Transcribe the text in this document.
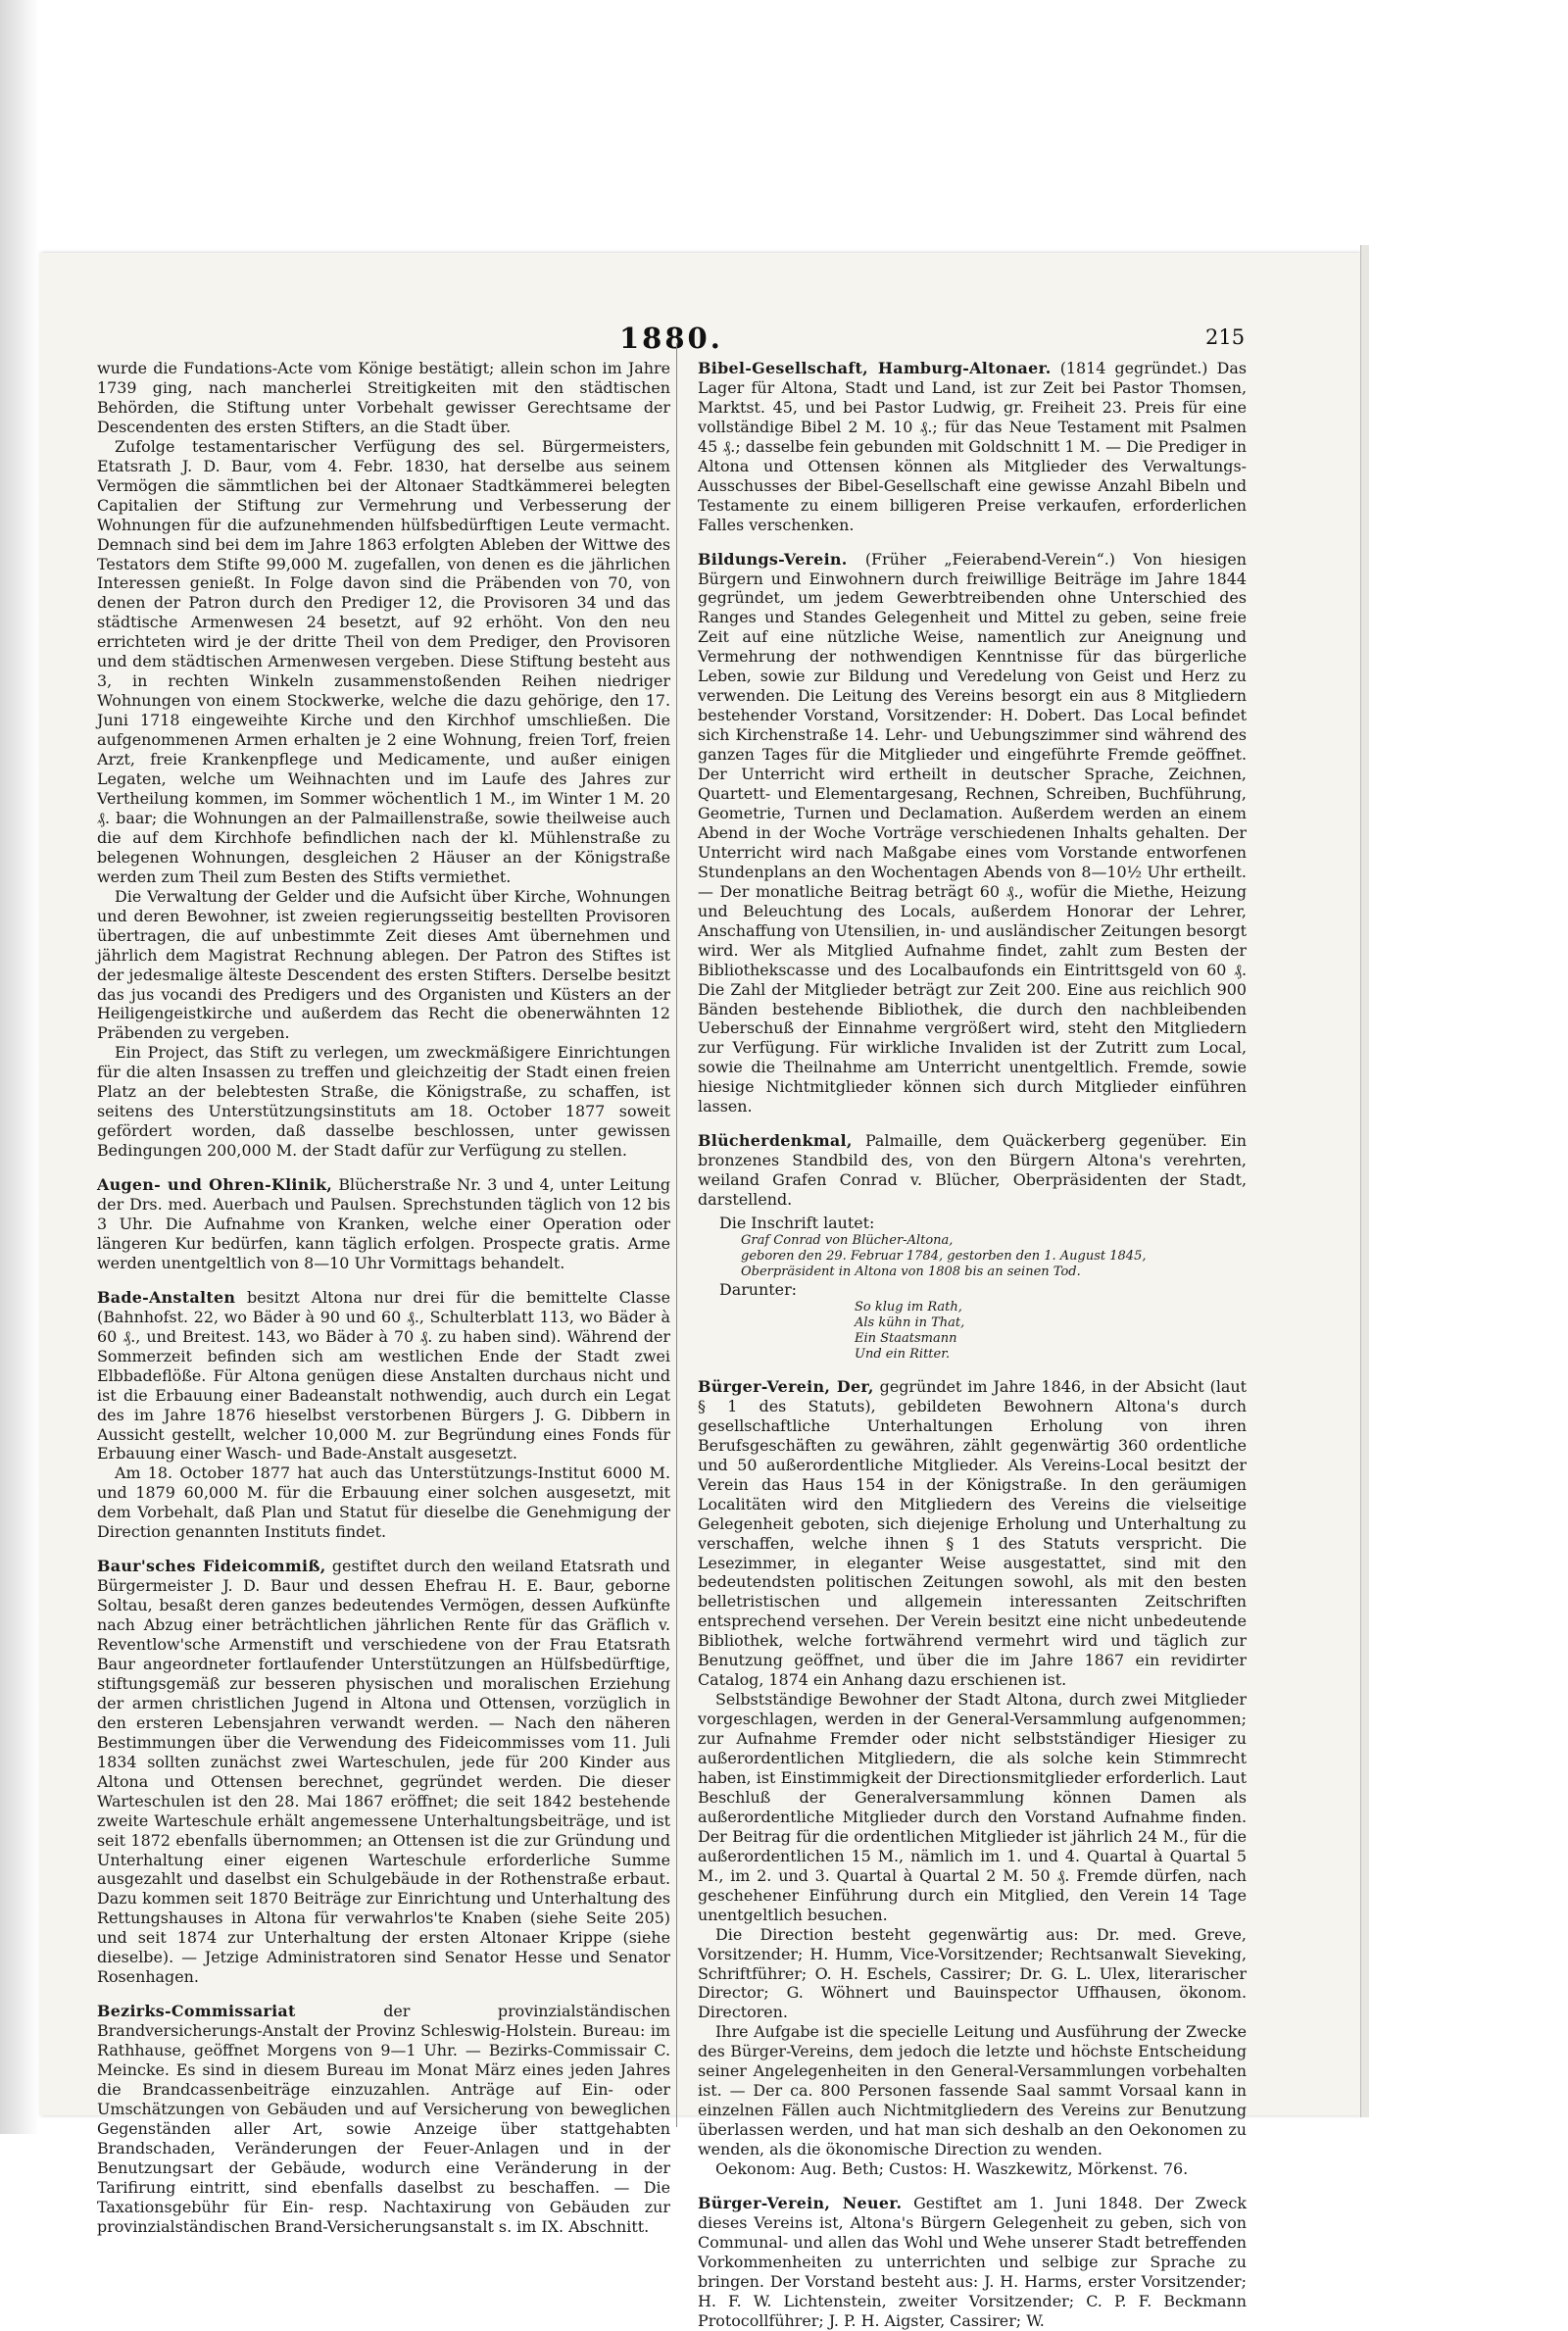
1880.	215

wurde die Fundations-Acte vom Könige bestätigt; allein schon im Jahre 1739 ging, nach mancherlei Streitigkeiten mit den städtischen Behörden, die Stiftung unter Vorbehalt gewisser Gerechtsame der Descendenten des ersten Stifters, an die Stadt über.

Zufolge testamentarischer Verfügung des sel. Bürgermeisters, Etatsrath J. D. Baur, vom 4. Febr. 1830, hat derselbe aus seinem Vermögen die sämmtlichen bei der Altonaer Stadtkämmerei belegten Capitalien der Stiftung zur Vermehrung und Verbesserung der Wohnungen für die aufzunehmenden hülfsbedürftigen Leute vermacht. Demnach sind bei dem im Jahre 1863 erfolgten Ableben der Wittwe des Testators dem Stifte 99,000 M. zugefallen, von denen es die jährlichen Interessen genießt. In Folge davon sind die Präbenden von 70, von denen der Patron durch den Prediger 12, die Provisoren 34 und das städtische Armenwesen 24 besetzt, auf 92 erhöht. Von den neu errichteten wird je der dritte Theil von dem Prediger, den Provisoren und dem städtischen Armenwesen vergeben. Diese Stiftung besteht aus 3, in rechten Winkeln zusammenstoßenden Reihen niedriger Wohnungen von einem Stockwerke, welche die dazu gehörige, den 17. Juni 1718 eingeweihte Kirche und den Kirchhof umschließen. Die aufgenommenen Armen erhalten je 2 eine Wohnung, freien Torf, freien Arzt, freie Krankenpflege und Medicamente, und außer einigen Legaten, welche um Weihnachten und im Laufe des Jahres zur Vertheilung kommen, im Sommer wöchentlich 1 M., im Winter 1 M. 20 ₰. baar; die Wohnungen an der Palmaillenstraße, sowie theilweise auch die auf dem Kirchhofe befindlichen nach der kl. Mühlenstraße zu belegenen Wohnungen, desgleichen 2 Häuser an der Königstraße werden zum Theil zum Besten des Stifts vermiethet.

Die Verwaltung der Gelder und die Aufsicht über Kirche, Wohnungen und deren Bewohner, ist zweien regierungsseitig bestellten Provisoren übertragen, die auf unbestimmte Zeit dieses Amt übernehmen und jährlich dem Magistrat Rechnung ablegen. Der Patron des Stiftes ist der jedesmalige älteste Descendent des ersten Stifters. Derselbe besitzt das jus vocandi des Predigers und des Organisten und Küsters an der Heiligengeistkirche und außerdem das Recht die obenerwähnten 12 Präbenden zu vergeben.

Ein Project, das Stift zu verlegen, um zweckmäßigere Einrichtungen für die alten Insassen zu treffen und gleichzeitig der Stadt einen freien Platz an der belebtesten Straße, die Königstraße, zu schaffen, ist seitens des Unterstützungsinstituts am 18. October 1877 soweit gefördert worden, daß dasselbe beschlossen, unter gewissen Bedingungen 200,000 M. der Stadt dafür zur Verfügung zu stellen.

Augen- und Ohren-Klinik, Blücherstraße Nr. 3 und 4, unter Leitung der Drs. med. Auerbach und Paulsen. Sprechstunden täglich von 12 bis 3 Uhr. Die Aufnahme von Kranken, welche einer Operation oder längeren Kur bedürfen, kann täglich erfolgen. Prospecte gratis. Arme werden unentgeltlich von 8—10 Uhr Vormittags behandelt.

Bade-Anstalten besitzt Altona nur drei für die bemittelte Classe (Bahnhofst. 22, wo Bäder à 90 und 60 ₰., Schulterblatt 113, wo Bäder à 60 ₰., und Breitest. 143, wo Bäder à 70 ₰. zu haben sind). Während der Sommerzeit befinden sich am westlichen Ende der Stadt zwei Elbbadeflöße. Für Altona genügen diese Anstalten durchaus nicht und ist die Erbauung einer Badeanstalt nothwendig, auch durch ein Legat des im Jahre 1876 hieselbst verstorbenen Bürgers J. G. Dibbern in Aussicht gestellt, welcher 10,000 M. zur Begründung eines Fonds für Erbauung einer Wasch- und Bade-Anstalt ausgesetzt.

Am 18. October 1877 hat auch das Unterstützungs-Institut 6000 M. und 1879 60,000 M. für die Erbauung einer solchen ausgesetzt, mit dem Vorbehalt, daß Plan und Statut für dieselbe die Genehmigung der Direction genannten Instituts findet.

Baur'sches Fideicommiß, gestiftet durch den weiland Etatsrath und Bürgermeister J. D. Baur und dessen Ehefrau H. E. Baur, geborne Soltau, besaßt deren ganzes bedeutendes Vermögen, dessen Aufkünfte nach Abzug einer beträchtlichen jährlichen Rente für das Gräflich v. Reventlow'sche Armenstift und verschiedene von der Frau Etatsrath Baur angeordneter fortlaufender Unterstützungen an Hülfsbedürftige, stiftungsgemäß zur besseren physischen und moralischen Erziehung der armen christlichen Jugend in Altona und Ottensen, vorzüglich in den ersteren Lebensjahren verwandt werden. — Nach den näheren Bestimmungen über die Verwendung des Fideicommisses vom 11. Juli 1834 sollten zunächst zwei Warteschulen, jede für 200 Kinder aus Altona und Ottensen berechnet, gegründet werden. Die dieser Warteschulen ist den 28. Mai 1867 eröffnet; die seit 1842 bestehende zweite Warteschule erhält angemessene Unterhaltungsbeiträge, und ist seit 1872 ebenfalls übernommen; an Ottensen ist die zur Gründung und Unterhaltung einer eigenen Warteschule erforderliche Summe ausgezahlt und daselbst ein Schulgebäude in der Rothenstraße erbaut. Dazu kommen seit 1870 Beiträge zur Einrichtung und Unterhaltung des Rettungshauses in Altona für verwahrlos'te Knaben (siehe Seite 205) und seit 1874 zur Unterhaltung der ersten Altonaer Krippe (siehe dieselbe). — Jetzige Administratoren sind Senator Hesse und Senator Rosenhagen.

Bezirks-Commissariat der provinzialständischen Brandversicherungs-Anstalt der Provinz Schleswig-Holstein. Bureau: im Rathhause, geöffnet Morgens von 9—1 Uhr. — Bezirks-Commissair C. Meincke. Es sind in diesem Bureau im Monat März eines jeden Jahres die Brandcassenbeiträge einzuzahlen. Anträge auf Ein- oder Umschätzungen von Gebäuden und auf Versicherung von beweglichen Gegenständen aller Art, sowie Anzeige über stattgehabten Brandschaden, Veränderungen der Feuer-Anlagen und in der Benutzungsart der Gebäude, wodurch eine Veränderung in der Tarifirung eintritt, sind ebenfalls daselbst zu beschaffen. — Die Taxationsgebühr für Ein- resp. Nachtaxirung von Gebäuden zur provinzialständischen Brand-Versicherungsanstalt s. im IX. Abschnitt.

Bibel-Gesellschaft, Hamburg-Altonaer. (1814 gegründet.) Das Lager für Altona, Stadt und Land, ist zur Zeit bei Pastor Thomsen, Marktst. 45, und bei Pastor Ludwig, gr. Freiheit 23. Preis für eine vollständige Bibel 2 M. 10 ₰.; für das Neue Testament mit Psalmen 45 ₰.; dasselbe fein gebunden mit Goldschnitt 1 M. — Die Prediger in Altona und Ottensen können als Mitglieder des Verwaltungs-Ausschusses der Bibel-Gesellschaft eine gewisse Anzahl Bibeln und Testamente zu einem billigeren Preise verkaufen, erforderlichen Falles verschenken.

Bildungs-Verein. (Früher „Feierabend-Verein“.) Von hiesigen Bürgern und Einwohnern durch freiwillige Beiträge im Jahre 1844 gegründet, um jedem Gewerbtreibenden ohne Unterschied des Ranges und Standes Gelegenheit und Mittel zu geben, seine freie Zeit auf eine nützliche Weise, namentlich zur Aneignung und Vermehrung der nothwendigen Kenntnisse für das bürgerliche Leben, sowie zur Bildung und Veredelung von Geist und Herz zu verwenden. Die Leitung des Vereins besorgt ein aus 8 Mitgliedern bestehender Vorstand, Vorsitzender: H. Dobert. Das Local befindet sich Kirchenstraße 14. Lehr- und Uebungszimmer sind während des ganzen Tages für die Mitglieder und eingeführte Fremde geöffnet. Der Unterricht wird ertheilt in deutscher Sprache, Zeichnen, Quartett- und Elementargesang, Rechnen, Schreiben, Buchführung, Geometrie, Turnen und Declamation. Außerdem werden an einem Abend in der Woche Vorträge verschiedenen Inhalts gehalten. Der Unterricht wird nach Maßgabe eines vom Vorstande entworfenen Stundenplans an den Wochentagen Abends von 8—10½ Uhr ertheilt. — Der monatliche Beitrag beträgt 60 ₰., wofür die Miethe, Heizung und Beleuchtung des Locals, außerdem Honorar der Lehrer, Anschaffung von Utensilien, in- und ausländischer Zeitungen besorgt wird. Wer als Mitglied Aufnahme findet, zahlt zum Besten der Bibliothekscasse und des Localbaufonds ein Eintrittsgeld von 60 ₰. Die Zahl der Mitglieder beträgt zur Zeit 200. Eine aus reichlich 900 Bänden bestehende Bibliothek, die durch den nachbleibenden Ueberschuß der Einnahme vergrößert wird, steht den Mitgliedern zur Verfügung. Für wirkliche Invaliden ist der Zutritt zum Local, sowie die Theilnahme am Unterricht unentgeltlich. Fremde, sowie hiesige Nichtmitglieder können sich durch Mitglieder einführen lassen.

Blücherdenkmal, Palmaille, dem Quäckerberg gegenüber. Ein bronzenes Standbild des, von den Bürgern Altona's verehrten, weiland Grafen Conrad v. Blücher, Oberpräsidenten der Stadt, darstellend.

Die Inschrift lautet:
Graf Conrad von Blücher-Altona,
geboren den 29. Februar 1784, gestorben den 1. August 1845,
Oberpräsident in Altona von 1808 bis an seinen Tod.
Darunter:
So klug im Rath,
Als kühn in That,
Ein Staatsmann
Und ein Ritter.

Bürger-Verein, Der, gegründet im Jahre 1846, in der Absicht (laut § 1 des Statuts), gebildeten Bewohnern Altona's durch gesellschaftliche Unterhaltungen Erholung von ihren Berufsgeschäften zu gewähren, zählt gegenwärtig 360 ordentliche und 50 außerordentliche Mitglieder. Als Vereins-Local besitzt der Verein das Haus 154 in der Königstraße. In den geräumigen Localitäten wird den Mitgliedern des Vereins die vielseitige Gelegenheit geboten, sich diejenige Erholung und Unterhaltung zu verschaffen, welche ihnen § 1 des Statuts verspricht. Die Lesezimmer, in eleganter Weise ausgestattet, sind mit den bedeutendsten politischen Zeitungen sowohl, als mit den besten belletristischen und allgemein interessanten Zeitschriften entsprechend versehen. Der Verein besitzt eine nicht unbedeutende Bibliothek, welche fortwährend vermehrt wird und täglich zur Benutzung geöffnet, und über die im Jahre 1867 ein revidirter Catalog, 1874 ein Anhang dazu erschienen ist.

Selbstständige Bewohner der Stadt Altona, durch zwei Mitglieder vorgeschlagen, werden in der General-Versammlung aufgenommen; zur Aufnahme Fremder oder nicht selbstständiger Hiesiger zu außerordentlichen Mitgliedern, die als solche kein Stimmrecht haben, ist Einstimmigkeit der Directionsmitglieder erforderlich. Laut Beschluß der Generalversammlung können Damen als außerordentliche Mitglieder durch den Vorstand Aufnahme finden. Der Beitrag für die ordentlichen Mitglieder ist jährlich 24 M., für die außerordentlichen 15 M., nämlich im 1. und 4. Quartal à Quartal 5 M., im 2. und 3. Quartal à Quartal 2 M. 50 ₰. Fremde dürfen, nach geschehener Einführung durch ein Mitglied, den Verein 14 Tage unentgeltlich besuchen.

Die Direction besteht gegenwärtig aus: Dr. med. Greve, Vorsitzender; H. Humm, Vice-Vorsitzender; Rechtsanwalt Sieveking, Schriftführer; O. H. Eschels, Cassirer; Dr. G. L. Ulex, literarischer Director; G. Wöhnert und Bauinspector Uffhausen, ökonom. Directoren.

Ihre Aufgabe ist die specielle Leitung und Ausführung der Zwecke des Bürger-Vereins, dem jedoch die letzte und höchste Entscheidung seiner Angelegenheiten in den General-Versammlungen vorbehalten ist. — Der ca. 800 Personen fassende Saal sammt Vorsaal kann in einzelnen Fällen auch Nichtmitgliedern des Vereins zur Benutzung überlassen werden, und hat man sich deshalb an den Oekonomen zu wenden, als die ökonomische Direction zu wenden.

Oekonom: Aug. Beth; Custos: H. Waszkewitz, Mörkenst. 76.

Bürger-Verein, Neuer. Gestiftet am 1. Juni 1848. Der Zweck dieses Vereins ist, Altona's Bürgern Gelegenheit zu geben, sich von Communal- und allen das Wohl und Wehe unserer Stadt betreffenden Vorkommenheiten zu unterrichten und selbige zur Sprache zu bringen. Der Vorstand besteht aus: J. H. Harms, erster Vorsitzender; H. F. W. Lichtenstein, zweiter Vorsitzender; C. P. F. Beckmann Protocollführer; J. P. H. Aigster, Cassirer; W.
